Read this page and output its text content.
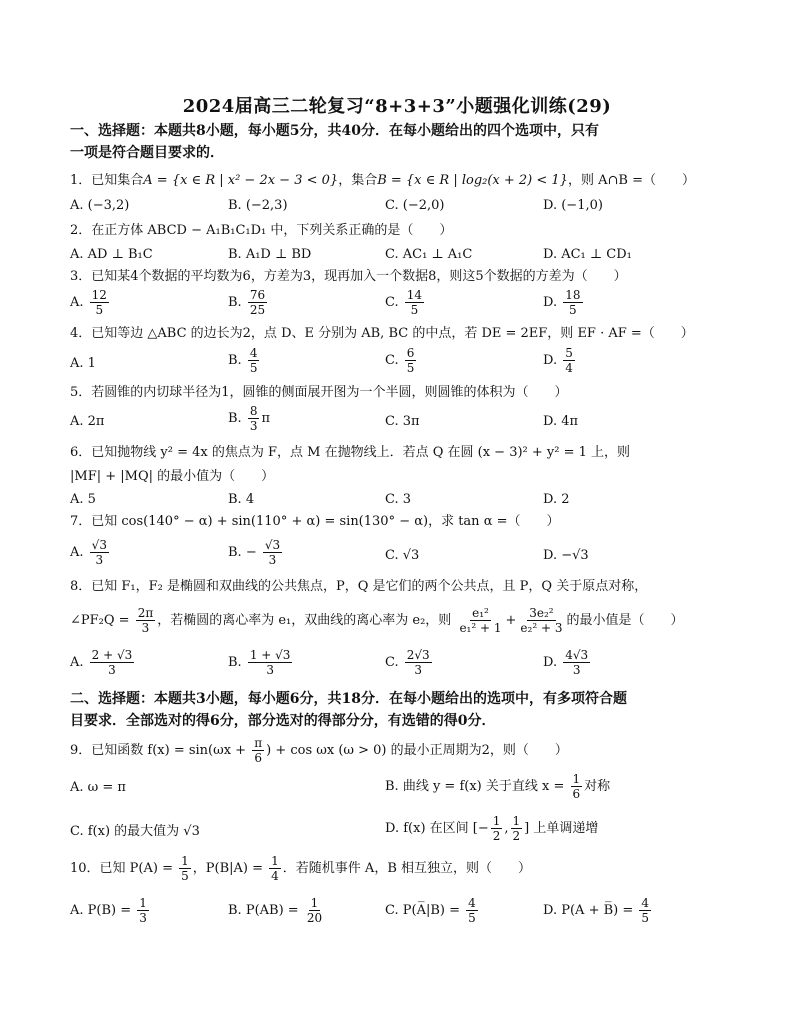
2024届高三二轮复习“8+3+3”小题强化训练(29)
一、选择题：本题共8小题，每小题5分，共40分．在每小题给出的四个选项中，只有
一项是符合题目要求的．
1．已知集合A = {x ∈ R | x² − 2x − 3 < 0}，集合B = {x ∈ R | log₂(x + 2) < 1}，则 A∩B =（　　）
A. (−3,2)	B. (−2,3)	C. (−2,0)	D. (−1,0)
2．在正方体 ABCD − A₁B₁C₁D₁ 中，下列关系正确的是（　　）
A. AD ⊥ B₁C	B. A₁D ⊥ BD	C. AC₁ ⊥ A₁C	D. AC₁ ⊥ CD₁
3．已知某4个数据的平均数为6，方差为3，现再加入一个数据8，则这5个数据的方差为（　　）
A. $\frac{12}{5}$	B. $\frac{76}{25}$	C. $\frac{14}{5}$	D. $\frac{18}{5}$
4．已知等边 △ABC 的边长为2，点 D、E 分别为 AB, BC 的中点，若 DE = 2EF，则 EF · AF =（　　）
A. 1	B. $\frac{4}{5}$	C. $\frac{6}{5}$	D. $\frac{5}{4}$
5．若圆锥的内切球半径为1，圆锥的侧面展开图为一个半圆，则圆锥的体积为（　　）
A. 2π	B. $\frac{8}{3}$ π	C. 3π	D. 4π
6．已知抛物线 y² = 4x 的焦点为 F，点 M 在抛物线上．若点 Q 在圆 (x − 3)² + y² = 1 上，则
|MF| + |MQ| 的最小值为（　　）
A. 5	B. 4	C. 3	D. 2
7．已知 cos(140° − α) + sin(110° + α) = sin(130° − α)，求 tan α =（　　）
A. $\frac{√3}{3}$	B. − $\frac{√3}{3}$	C. √3	D. −√3
8．已知 F₁，F₂ 是椭圆和双曲线的公共焦点，P，Q 是它们的两个公共点，且 P，Q 关于原点对称，
∠PF₂Q = $\frac{2\pi}{3}$ ，若椭圆的离心率为 e₁，双曲线的离心率为 e₂，则 $\frac{\text{e₁²}}{\text{e₁² + 1}} + \frac{\text{3e₂²}}{\text{e₂² + 3}}$ 的最小值是（　　）
A. $\frac{2 + √3}{3}$	B. $\frac{1 + √3}{3}$	C. $\frac{2√3}{3}$	D. $\frac{4√3}{3}$
二、选择题：本题共3小题，每小题6分，共18分．在每小题给出的选项中，有多项符合题
目要求．全部选对的得6分，部分选对的得部分分，有选错的得0分．
9．已知函数 $f(x) = \sin(\omega x + \frac{\pi}{6}$ ) + cos ωx (ω > 0) 的最小正周期为2，则（　　）
A. ω = π	B. 曲线 y = f(x) 关于直线 $x = \frac{1}{6}$ 对称
C. f(x) 的最大值为 √3	D. f(x) 在区间 [− $\frac{1}{2}$ , $\frac{1}{2}$ ] 上单调递增
10．已知 $P(A) = \frac{1}{5}$ ，$P(B|A) = \frac{1}{4}$ ．若随机事件 A，B 相互独立，则（　　）
A. $P(B) = \frac{1}{3}$	B. $P(AB) = \frac{1}{20}$	C. P(A̅|B) = $\frac{4}{5}$	D. P(A + B̅) = $\frac{4}{5}$
